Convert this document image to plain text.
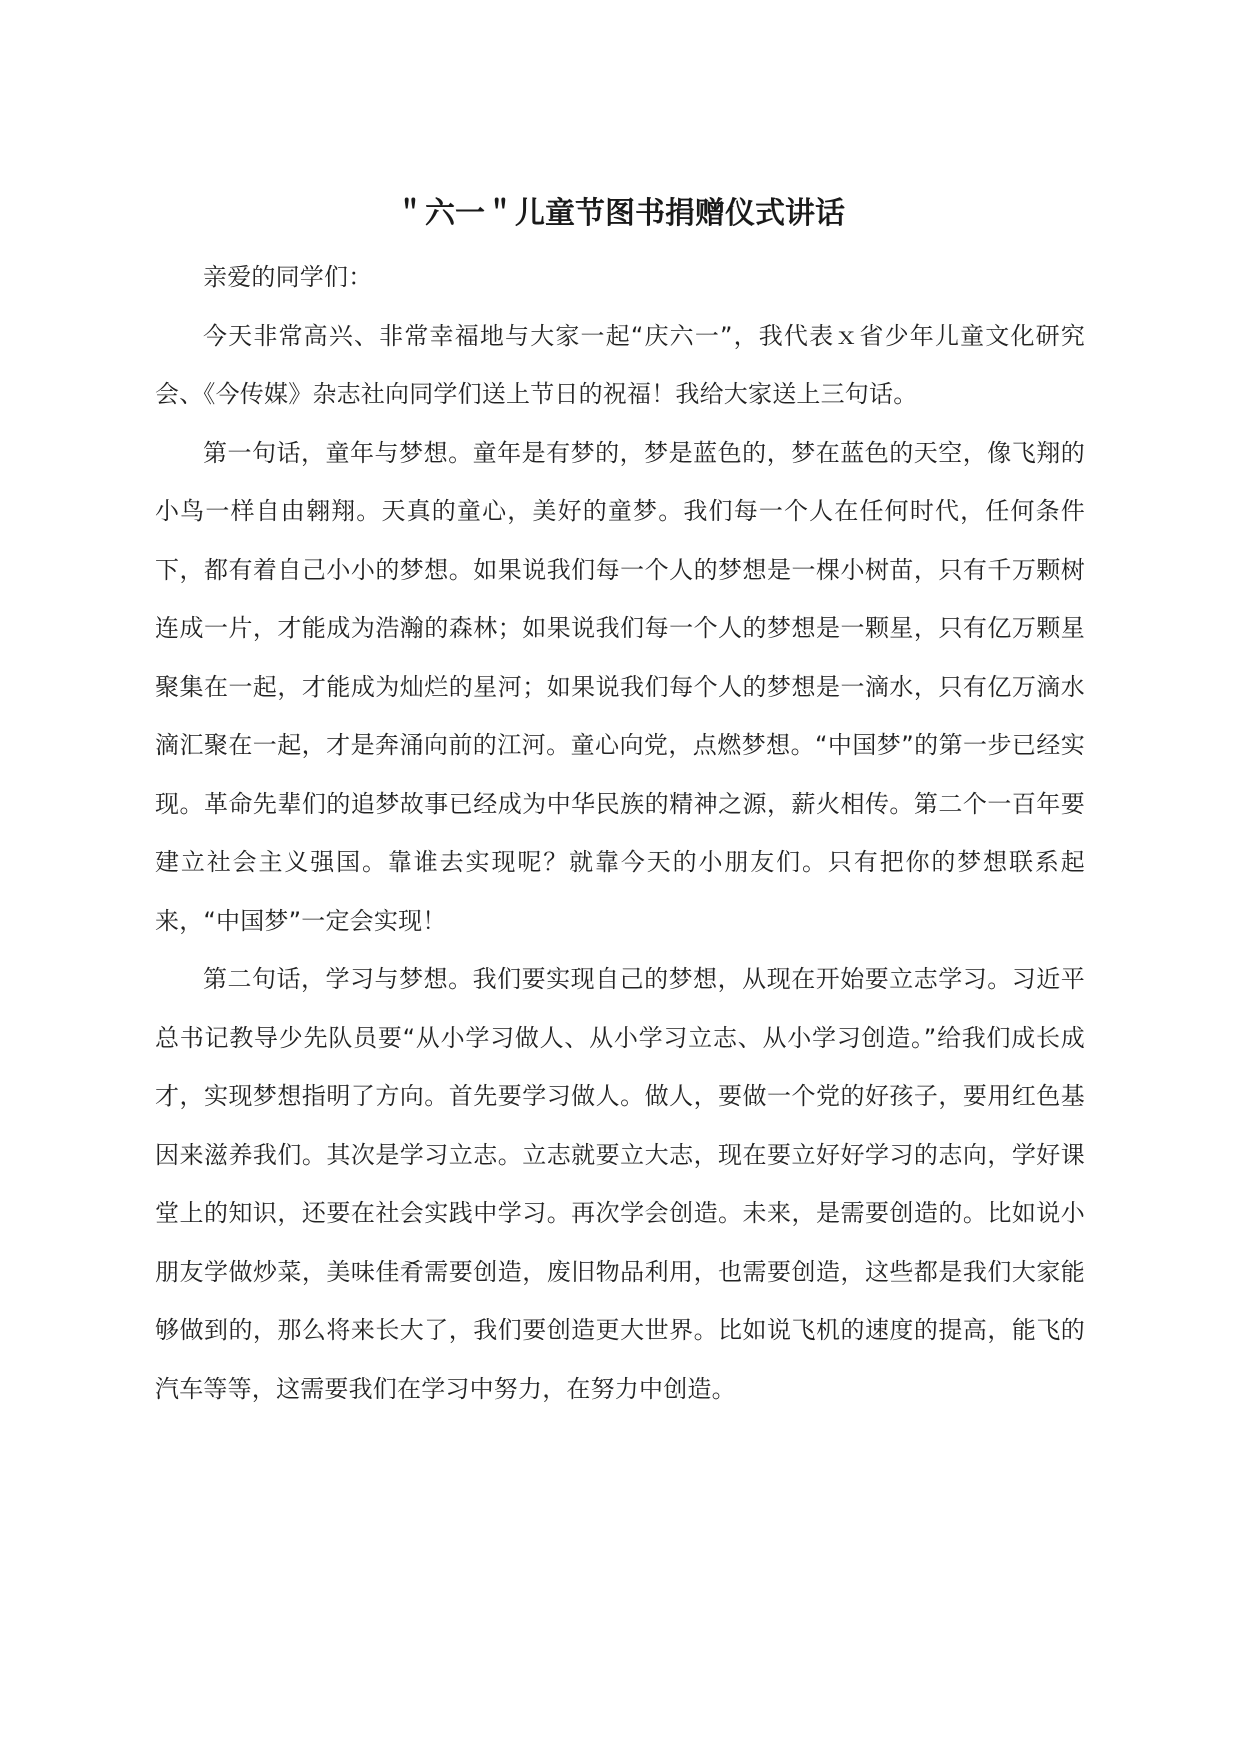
＂六一＂儿童节图书捐赠仪式讲话

亲爱的同学们：

今天非常高兴、非常幸福地与大家一起“庆六一”，我代表ｘ省少年儿童文化研究会、《今传媒》杂志社向同学们送上节日的祝福！我给大家送上三句话。

第一句话，童年与梦想。童年是有梦的，梦是蓝色的，梦在蓝色的天空，像飞翔的小鸟一样自由翱翔。天真的童心，美好的童梦。我们每一个人在任何时代，任何条件下，都有着自己小小的梦想。如果说我们每一个人的梦想是一棵小树苗，只有千万颗树连成一片，才能成为浩瀚的森林；如果说我们每一个人的梦想是一颗星，只有亿万颗星聚集在一起，才能成为灿烂的星河；如果说我们每个人的梦想是一滴水，只有亿万滴水滴汇聚在一起，才是奔涌向前的江河。童心向党，点燃梦想。“中国梦”的第一步已经实现。革命先辈们的追梦故事已经成为中华民族的精神之源，薪火相传。第二个一百年要建立社会主义强国。靠谁去实现呢？就靠今天的小朋友们。只有把你的梦想联系起来，“中国梦”一定会实现！

第二句话，学习与梦想。我们要实现自己的梦想，从现在开始要立志学习。习近平总书记教导少先队员要“从小学习做人、从小学习立志、从小学习创造。”给我们成长成才，实现梦想指明了方向。首先要学习做人。做人，要做一个党的好孩子，要用红色基因来滋养我们。其次是学习立志。立志就要立大志，现在要立好好学习的志向，学好课堂上的知识，还要在社会实践中学习。再次学会创造。未来，是需要创造的。比如说小朋友学做炒菜，美味佳肴需要创造，废旧物品利用，也需要创造，这些都是我们大家能够做到的，那么将来长大了，我们要创造更大世界。比如说飞机的速度的提高，能飞的汽车等等，这需要我们在学习中努力，在努力中创造。
